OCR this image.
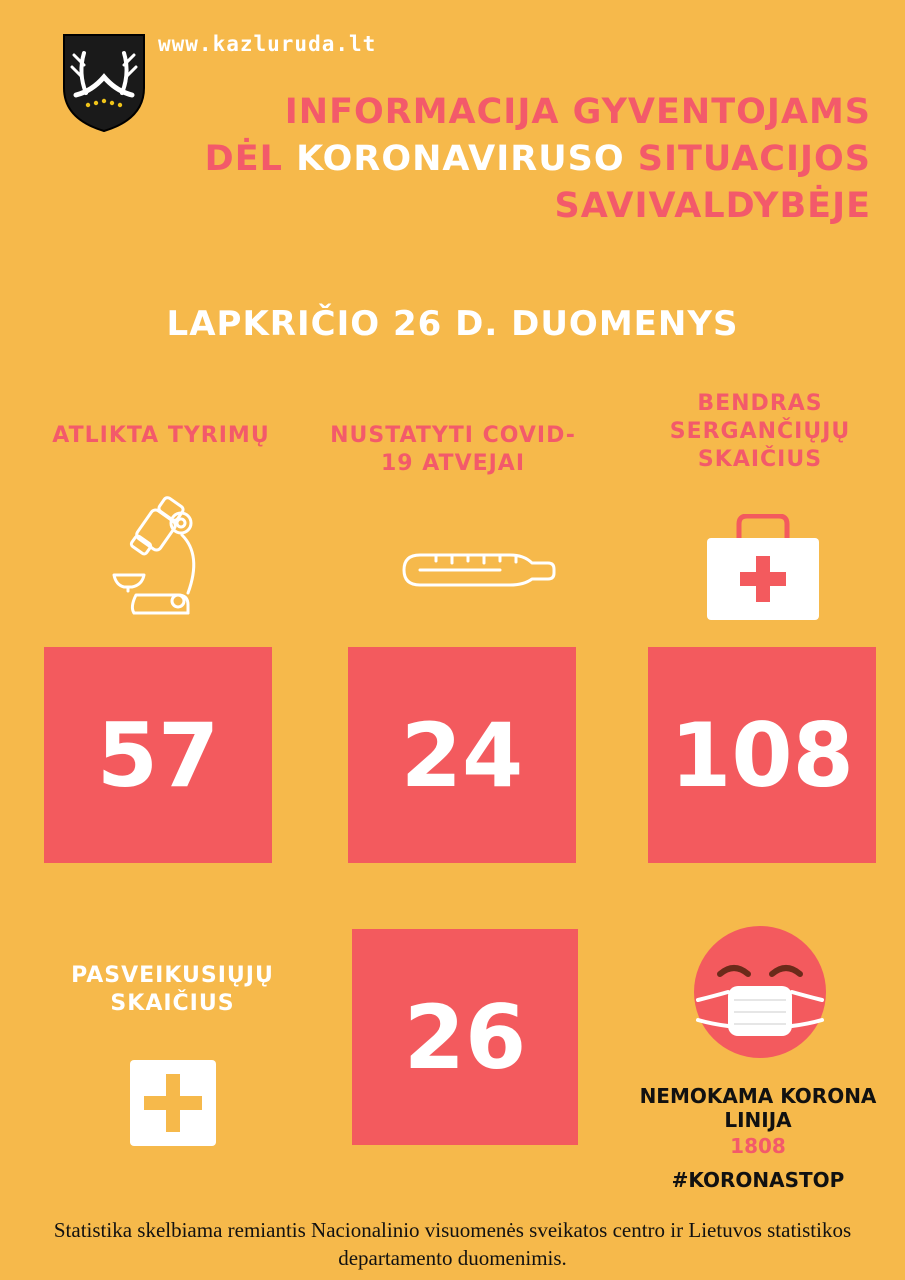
www.kazluruda.lt
INFORMACIJA GYVENTOJAMS
DĖL KORONAVIRUSO SITUACIJOS
SAVIVALDYBĖJE
LAPKRIČIO 26 D. DUOMENYS
ATLIKTA TYRIMŲ	NUSTATYTI COVID-19 ATVEJAI
BENDRAS SERGANČIŲJŲ SKAIČIUS
57 24 108
PASVEIKUSIŲJŲ SKAIČIUS	26
NEMOKAMA KORONA LINIJA
1808
#KORONASTOP
Statistika skelbiama remiantis Nacionalinio visuomenės sveikatos centro ir Lietuvos statistikos departamento duomenimis.
